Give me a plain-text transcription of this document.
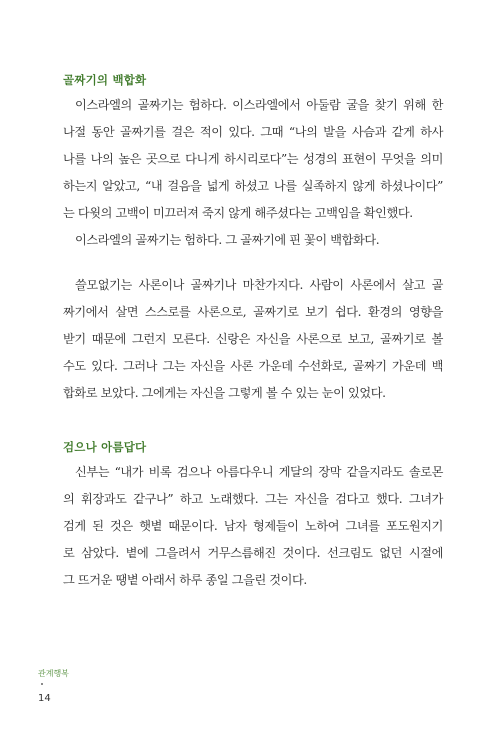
골짜기의 백합화
이스라엘의 골짜기는 험하다. 이스라엘에서 아둘람 굴을 찾기 위해 한
나절 동안 골짜기를 걸은 적이 있다. 그때 “나의 발을 사슴과 같게 하사
나를 나의 높은 곳으로 다니게 하시리로다”는 성경의 표현이 무엇을 의미
하는지 알았고, “내 걸음을 넓게 하셨고 나를 실족하지 않게 하셨나이다”
는 다윗의 고백이 미끄러져 죽지 않게 해주셨다는 고백임을 확인했다.
이스라엘의 골짜기는 험하다. 그 골짜기에 핀 꽃이 백합화다.
쓸모없기는 사론이나 골짜기나 마찬가지다. 사람이 사론에서 살고 골
짜기에서 살면 스스로를 사론으로, 골짜기로 보기 쉽다. 환경의 영향을
받기 때문에 그런지 모른다. 신랑은 자신을 사론으로 보고, 골짜기로 볼
수도 있다. 그러나 그는 자신을 사론 가운데 수선화로, 골짜기 가운데 백
합화로 보았다. 그에게는 자신을 그렇게 볼 수 있는 눈이 있었다.
검으나 아름답다
신부는 “내가 비록 검으나 아름다우니 게달의 장막 같을지라도 솔로몬
의 휘장과도 같구나” 하고 노래했다. 그는 자신을 검다고 했다. 그녀가
검게 된 것은 햇볕 때문이다. 남자 형제들이 노하여 그녀를 포도원지기
로 삼았다. 볕에 그을려서 거무스름해진 것이다. 선크림도 없던 시절에
그 뜨거운 땡볕 아래서 하루 종일 그을린 것이다.
관계행복
14
